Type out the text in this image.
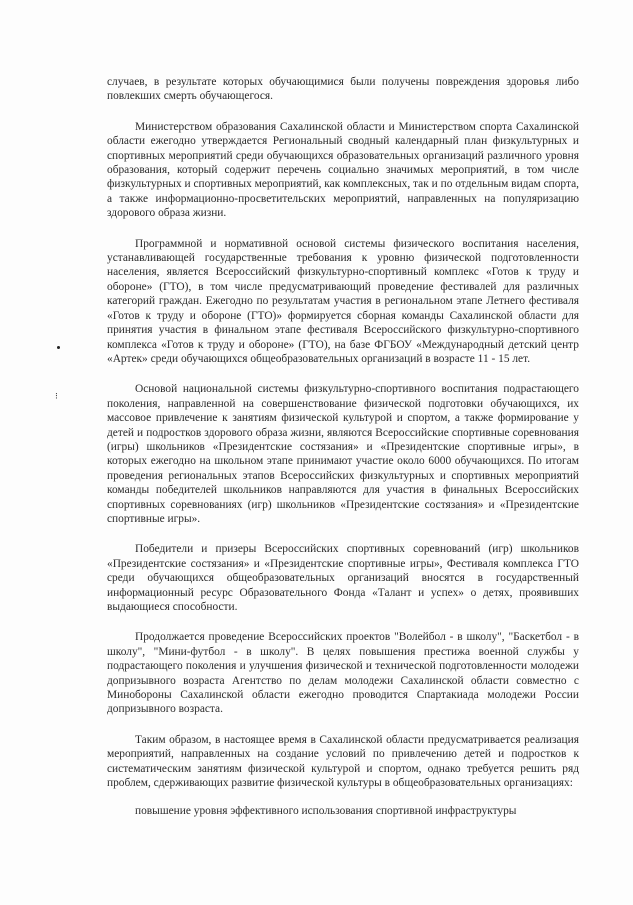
⁝

случаев, в результате которых обучающимися были получены повреждения здоровья либо повлекших смерть обучающегося.

Министерством образования Сахалинской области и Министерством спорта Сахалинской области ежегодно утверждается Региональный сводный календарный план физкультурных и спортивных мероприятий среди обучающихся образовательных организаций различного уровня образования, который содержит перечень социально значимых мероприятий, в том числе физкультурных и спортивных мероприятий, как комплексных, так и по отдельным видам спорта, а также информационно-просветительских мероприятий, направленных на популяризацию здорового образа жизни.

Программной и нормативной основой системы физического воспитания населения, устанавливающей государственные требования к уровню физической подготовленности населения, является Всероссийский физкультурно-спортивный комплекс «Готов к труду и обороне» (ГТО), в том числе предусматривающий проведение фестивалей для различных категорий граждан. Ежегодно по результатам участия в региональном этапе Летнего фестиваля «Готов к труду и обороне (ГТО)» формируется сборная команды Сахалинской области для принятия участия в финальном этапе фестиваля Всероссийского физкультурно-спортивного комплекса «Готов к труду и обороне» (ГТО), на базе ФГБОУ «Международный детский центр «Артек» среди обучающихся общеобразовательных организаций в возрасте 11 - 15 лет.

Основой национальной системы физкультурно-спортивного воспитания подрастающего поколения, направленной на совершенствование физической подготовки обучающихся, их массовое привлечение к занятиям физической культурой и спортом, а также формирование у детей и подростков здорового образа жизни, являются Всероссийские спортивные соревнования (игры) школьников «Президентские состязания» и «Президентские спортивные игры», в которых ежегодно на школьном этапе принимают участие около 6000 обучающихся. По итогам проведения региональных этапов Всероссийских физкультурных и спортивных мероприятий команды победителей школьников направляются для участия в финальных Всероссийских спортивных соревнованиях (игр) школьников «Президентские состязания» и «Президентские спортивные игры».

Победители и призеры Всероссийских спортивных соревнований (игр) школьников «Президентские состязания» и «Президентские спортивные игры», Фестиваля комплекса ГТО среди обучающихся общеобразовательных организаций вносятся в государственный информационный ресурс Образовательного Фонда «Талант и успех» о детях, проявивших выдающиеся способности.

Продолжается проведение Всероссийских проектов "Волейбол - в школу", "Баскетбол - в школу", "Мини-футбол - в школу". В целях повышения престижа военной службы у подрастающего поколения и улучшения физической и технической подготовленности молодежи допризывного возраста Агентство по делам молодежи Сахалинской области совместно с Минобороны Сахалинской области ежегодно проводится Спартакиада молодежи России допризывного возраста.

Таким образом, в настоящее время в Сахалинской области предусматривается реализация мероприятий, направленных на создание условий по привлечению детей и подростков к систематическим занятиям физической культурой и спортом, однако требуется решить ряд проблем, сдерживающих развитие физической культуры в общеобразовательных организациях:

повышение уровня эффективного использования спортивной инфраструктуры
